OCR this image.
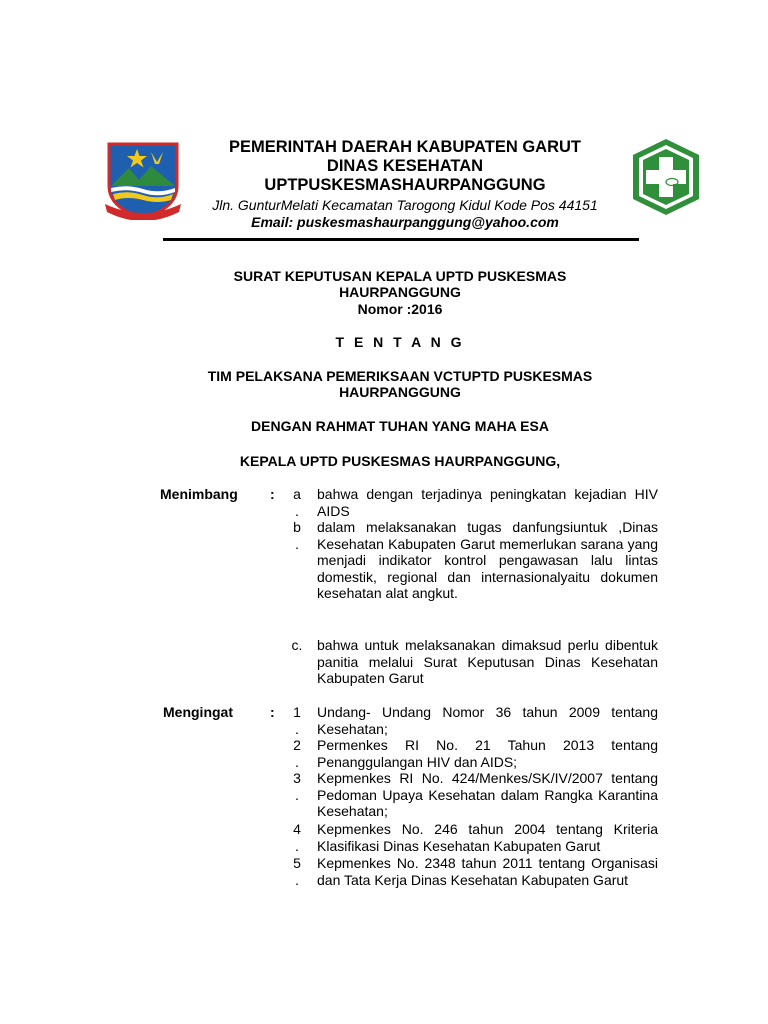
PEMERINTAH DAERAH KABUPATEN GARUT
DINAS KESEHATAN
UPTPUSKESMASHAURPANGGUNG
Jln. GunturMelati Kecamatan Tarogong Kidul Kode Pos 44151
Email: puskesmashaurpanggung@yahoo.com
SURAT KEPUTUSAN KEPALA UPTD PUSKESMAS
HAURPANGGUNG
Nomor :2016
T E N T A N G
TIM PELAKSANA PEMERIKSAAN VCTUPTD PUSKESMAS
HAURPANGGUNG
DENGAN RAHMAT TUHAN YANG MAHA ESA
KEPALA UPTD PUSKESMAS HAURPANGGUNG,
Menimbang : a
.
bahwa dengan terjadinya peningkatan kejadian HIV AIDS
b
.
dalam melaksanakan tugas danfungsiuntuk ,Dinas Kesehatan Kabupaten Garut memerlukan sarana yang menjadi indikator kontrol pengawasan lalu lintas domestik, regional dan internasionalyaitu dokumen kesehatan alat angkut.
c. bahwa untuk melaksanakan dimaksud perlu dibentuk panitia melalui Surat Keputusan Dinas Kesehatan Kabupaten Garut
Mengingat	: 1
.
Undang- Undang Nomor 36 tahun 2009 tentang Kesehatan;
2
.
Permenkes RI No. 21 Tahun 2013 tentang Penanggulangan HIV dan AIDS;
3
.
Kepmenkes RI No. 424/Menkes/SK/IV/2007 tentang Pedoman Upaya Kesehatan dalam Rangka Karantina Kesehatan;
4
.
Kepmenkes No. 246 tahun 2004 tentang Kriteria Klasifikasi Dinas Kesehatan Kabupaten Garut
5
.
Kepmenkes No. 2348 tahun 2011 tentang Organisasi dan Tata Kerja Dinas Kesehatan Kabupaten Garut
